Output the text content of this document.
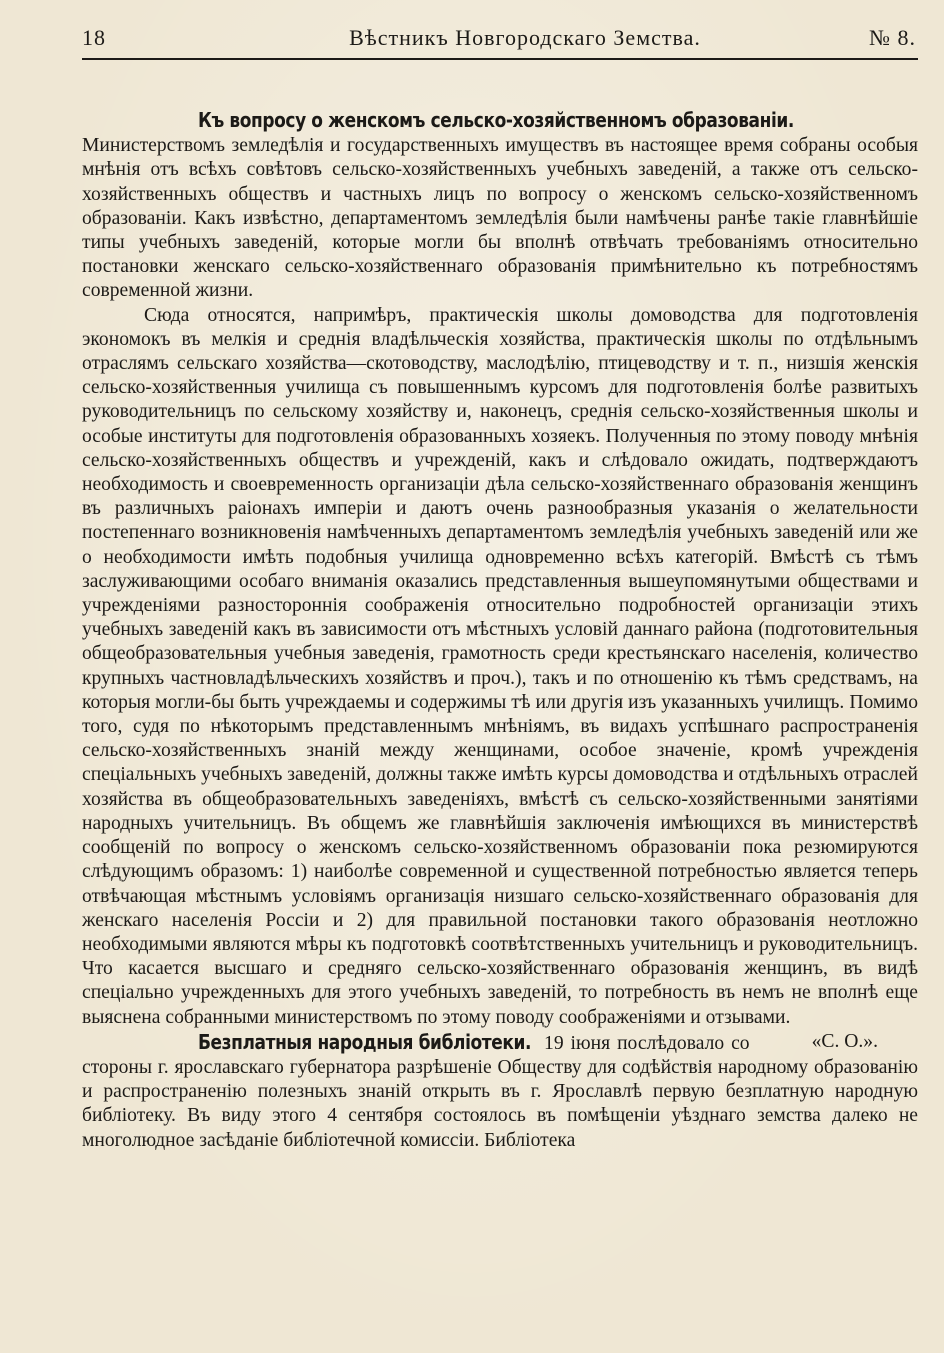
18	Вѣстникъ Новгородскаго Земства.	№ 8.

Къ вопросу о женскомъ сельско-хозяйственномъ образованіи. Министерствомъ земледѣлія и государственныхъ имуществъ въ настоящее время собраны особыя мнѣнія отъ всѣхъ совѣтовъ сельско-хозяйственныхъ учебныхъ заведеній, а также отъ сельско-хозяйственныхъ обществъ и частныхъ лицъ по вопросу о женскомъ сельско-хозяйственномъ образованіи. Какъ извѣстно, департаментомъ земледѣлія были намѣчены ранѣе такіе главнѣйшіе типы учебныхъ заведеній, которые могли бы вполнѣ отвѣчать требованіямъ относительно постановки женскаго сельско-хозяйственнаго образованія примѣнительно къ потребностямъ современной жизни.

Сюда относятся, напримѣръ, практическія школы домоводства для подготовленія экономокъ въ мелкія и среднія владѣльческія хозяйства, практическія школы по отдѣльнымъ отраслямъ сельскаго хозяйства—скотоводству, маслодѣлію, птицеводству и т. п., низшія женскія сельско-хозяйственныя училища съ повышеннымъ курсомъ для подготовленія болѣе развитыхъ руководительницъ по сельскому хозяйству и, наконецъ, среднія сельско-хозяйственныя школы и особые институты для подготовленія образованныхъ хозяекъ. Полученныя по этому поводу мнѣнія сельско-хозяйственныхъ обществъ и учрежденій, какъ и слѣдовало ожидать, подтверждаютъ необходимость и своевременность организаціи дѣла сельско-хозяйственнаго образованія женщинъ въ различныхъ раіонахъ имперіи и даютъ очень разнообразныя указанія о желательности постепеннаго возникновенія намѣченныхъ департаментомъ земледѣлія учебныхъ заведеній или же о необходимости имѣть подобныя училища одновременно всѣхъ категорій. Вмѣстѣ съ тѣмъ заслуживающими особаго вниманія оказались представленныя вышеупомянутыми обществами и учрежденіями разностороннія соображенія относительно подробностей организаціи этихъ учебныхъ заведеній какъ въ зависимости отъ мѣстныхъ условій даннаго района (подготовительныя общеобразовательныя учебныя заведенія, грамотность среди крестьянскаго населенія, количество крупныхъ частновладѣльческихъ хозяйствъ и проч.), такъ и по отношенію къ тѣмъ средствамъ, на которыя могли-бы быть учреждаемы и содержимы тѣ или другія изъ указанныхъ училищъ. Помимо того, судя по нѣкоторымъ представленнымъ мнѣніямъ, въ видахъ успѣшнаго распространенія сельско-хозяйственныхъ знаній между женщинами, особое значеніе, кромѣ учрежденія спеціальныхъ учебныхъ заведеній, должны также имѣть курсы домоводства и отдѣльныхъ отраслей хозяйства въ общеобразовательныхъ заведеніяхъ, вмѣстѣ съ сельско-хозяйственными занятіями народныхъ учительницъ. Въ общемъ же главнѣйшія заключенія имѣющихся въ министерствѣ сообщеній по вопросу о женскомъ сельско-хозяйственномъ образованіи пока резюмируются слѣдующимъ образомъ: 1) наиболѣе современной и существенной потребностью является теперь отвѣчающая мѣстнымъ условіямъ организація низшаго сельско-хозяйственнаго образованія для женскаго населенія Россіи и 2) для правильной постановки такого образованія неотложно необходимыми являются мѣры къ подготовкѣ соотвѣтственныхъ учительницъ и руководительницъ. Что касается высшаго и средняго сельско-хозяйственнаго образованія женщинъ, въ видѣ спеціально учрежденныхъ для этого учебныхъ заведеній, то потребность въ немъ не вполнѣ еще выяснена собранными министерствомъ по этому поводу соображеніями и отзывами.
«С. О.».

Безплатныя народныя библіотеки. 19 іюня послѣдовало со стороны г. ярославскаго губернатора разрѣшеніе Обществу для содѣйствія народному образованію и распространенію полезныхъ знаній открыть въ г. Ярославлѣ первую безплатную народную библіотеку. Въ виду этого 4 сентября состоялось въ помѣщеніи уѣзднаго земства далеко не многолюдное засѣданіе библіотечной комиссіи. Библіотека
